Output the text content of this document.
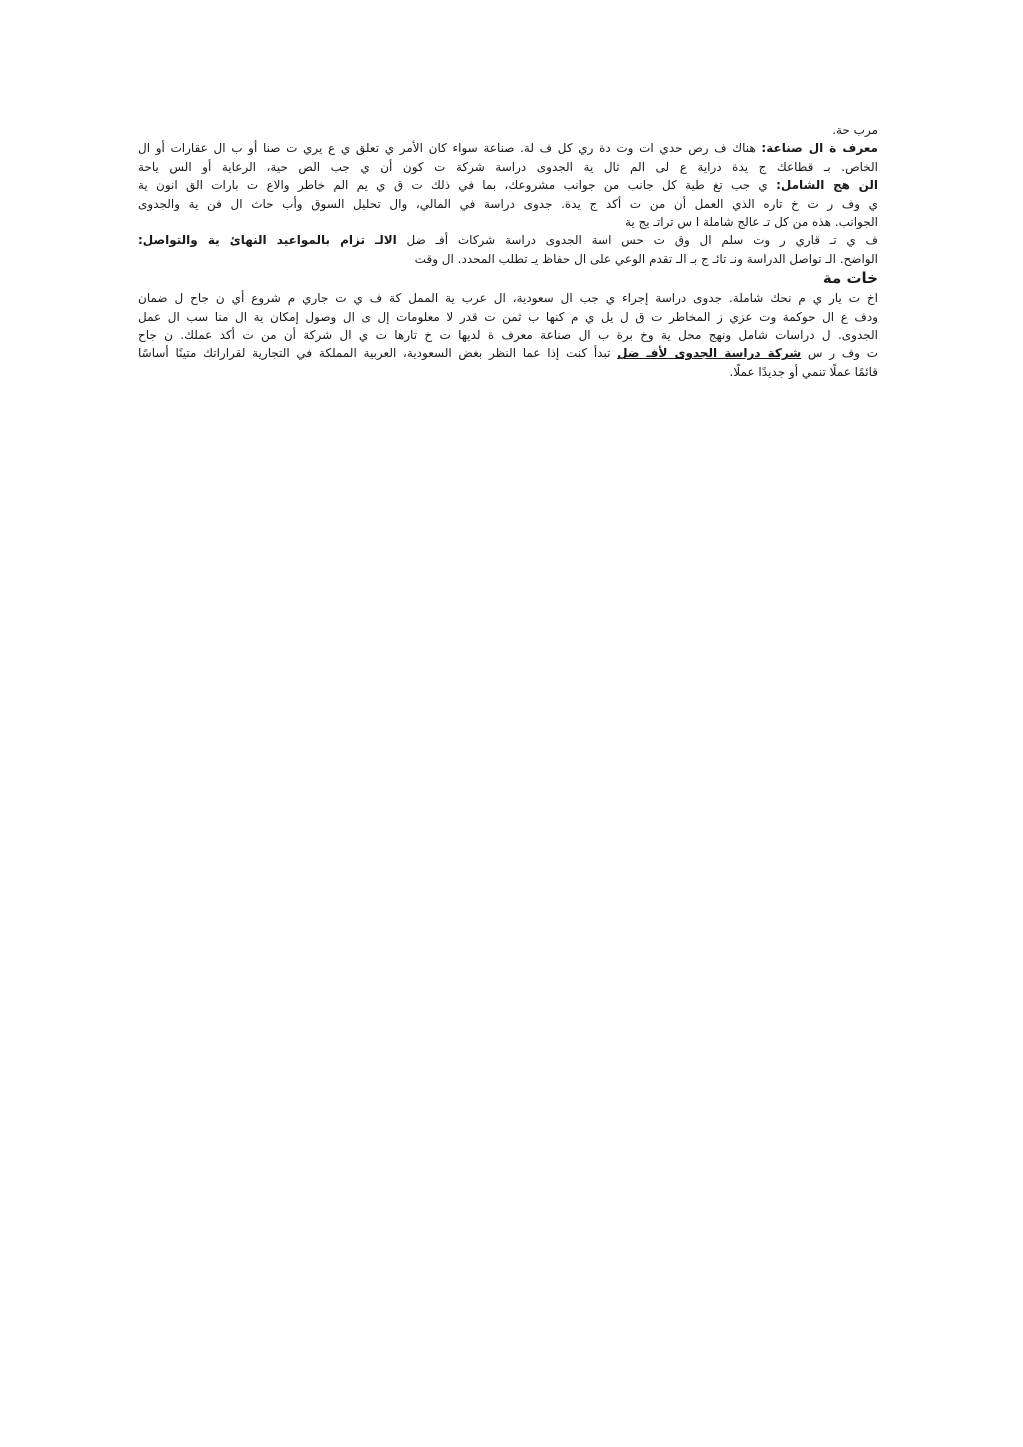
مرب حة.
معرف ة ال صناعة: هناك ف رص حدي ات وت دة ري كل ف لة. صناعة سواء كان الأمر ي تعلق ي ع يري ت صنا أو ب ال عقارات أو ال
الخاص. بـ قطاعك ج يدة دراية ع لى الم ثال ية الجدوى دراسة شركة ت كون أن ي جب الص حية، الرعاية أو الس ياحة
الن هج الشامل: ي جب تغ طية كل جانب من جوانب مشروعك، بما في ذلك ت ق ي يم الم خاطر والاع ت بارات الق انون ية
ي وف ر ت خ تاره الذي العمل أن من ت أكد ج يدة. جدوى دراسة في المالي، وال تحليل السوق وأب حاث ال فن ية والجدوى
الجوانب. هذه من كل تـ عالج شاملة ا س تراتـ يج ية
ف ي تـ قاري ر وت سلم ال وق ت حس اسة الجدوى دراسة شركات أفـ ضل الالـ تزام بالمواعيد النهائ ية والتواصل:
الواضح. الـ تواصل الدراسة ونـ تائـ ج بـ الـ تقدم الوعي على ال حفاظ يـ تطلب المحدد. ال وقت
خات مة
اخ ت يار ي م نحك شاملة. جدوى دراسة إجراء ي جب ال سعودية، ال عرب ية الممل كة ف ي ت جاري م شروع أي ن جاح ل ضمان
ودف ع ال حوكمة وت عزي ز المخاطر ت ق ل يل ي م كنها ب ثمن ت قدر لا معلومات إل ى ال وصول إمكان ية ال منا سب ال عمل
الجدوى. ل دراسات شامل ونهج محل ية وخ برة ب ال صناعة معرف ة لديها ت خ تارها ت ي ال شركة أن من ت أكد عملك. ن جاح
ت وف ر س شركة دراسة الجدوى لأفـ ضل تبدأ كنت إذا عما النظر بغض السعودية، العربية المملكة في التجارية لقراراتك متينًا أساسًا
قائمًا عملًا تنمي أو جديدًا عملًا.
